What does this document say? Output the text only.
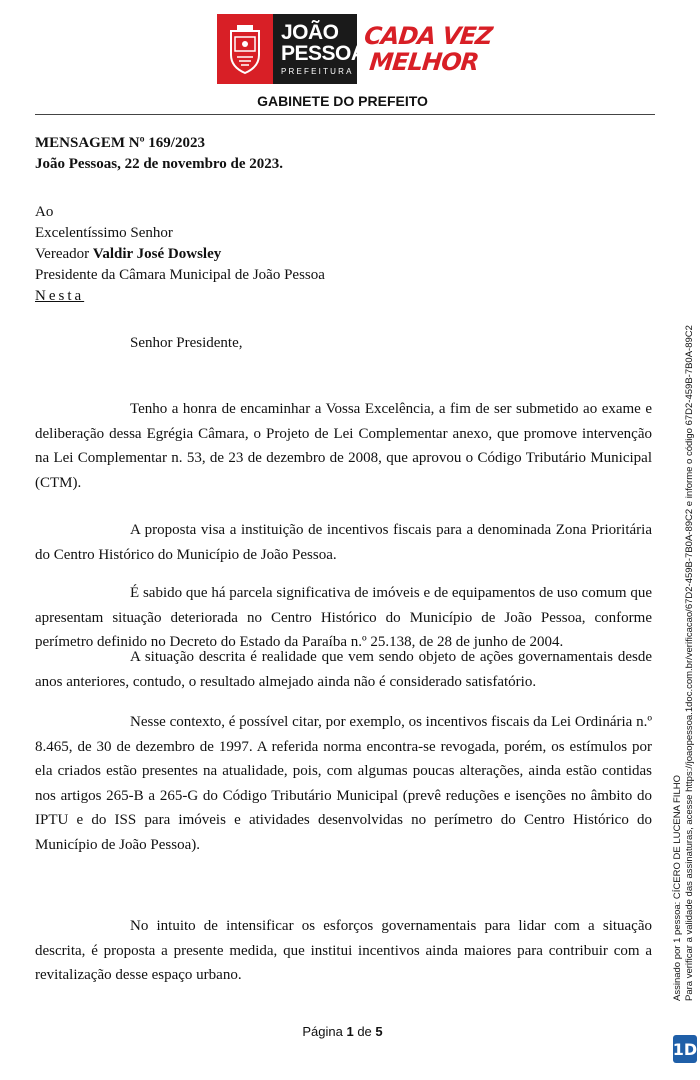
JOÃO
PESSOA
PREFEITURA
CADA VEZ
MELHOR
GABINETE DO PREFEITO
MENSAGEM Nº 169/2023
João Pessoas, 22 de novembro de 2023.
Ao
Excelentíssimo Senhor
Vereador Valdir José Dowsley
Presidente da Câmara Municipal de João Pessoa
Nesta
Senhor Presidente,

Tenho a honra de encaminhar a Vossa Excelência, a fim de ser submetido ao exame e deliberação dessa Egrégia Câmara, o Projeto de Lei Complementar anexo, que promove intervenção na Lei Complementar n. 53, de 23 de dezembro de 2008, que aprovou o Código Tributário Municipal (CTM).

A proposta visa a instituição de incentivos fiscais para a denominada Zona Prioritária do Centro Histórico do Município de João Pessoa.

É sabido que há parcela significativa de imóveis e de equipamentos de uso comum que apresentam situação deteriorada no Centro Histórico do Município de João Pessoa, conforme perímetro definido no Decreto do Estado da Paraíba n.º 25.138, de 28 de junho de 2004.

A situação descrita é realidade que vem sendo objeto de ações governamentais desde anos anteriores, contudo, o resultado almejado ainda não é considerado satisfatório.

Nesse contexto, é possível citar, por exemplo, os incentivos fiscais da Lei Ordinária n.º 8.465, de 30 de dezembro de 1997. A referida norma encontra-se revogada, porém, os estímulos por ela criados estão presentes na atualidade, pois, com algumas poucas alterações, ainda estão contidas nos artigos 265-B a 265-G do Código Tributário Municipal (prevê reduções e isenções no âmbito do IPTU e do ISS para imóveis e atividades desenvolvidas no perímetro do Centro Histórico do Município de João Pessoa).

No intuito de intensificar os esforços governamentais para lidar com a situação descrita, é proposta a presente medida, que institui incentivos ainda maiores para contribuir com a revitalização desse espaço urbano.

Página 1 de 5
Assinado por 1 pessoa: CÍCERO DE LUCENA FILHO Para verificar a validade das assinaturas, acesse https://joaopessoa.1doc.com.br/verificacao/67D2-459B-7B0A-89C2 e informe o código 67D2-459B-7B0A-89C2
1D
